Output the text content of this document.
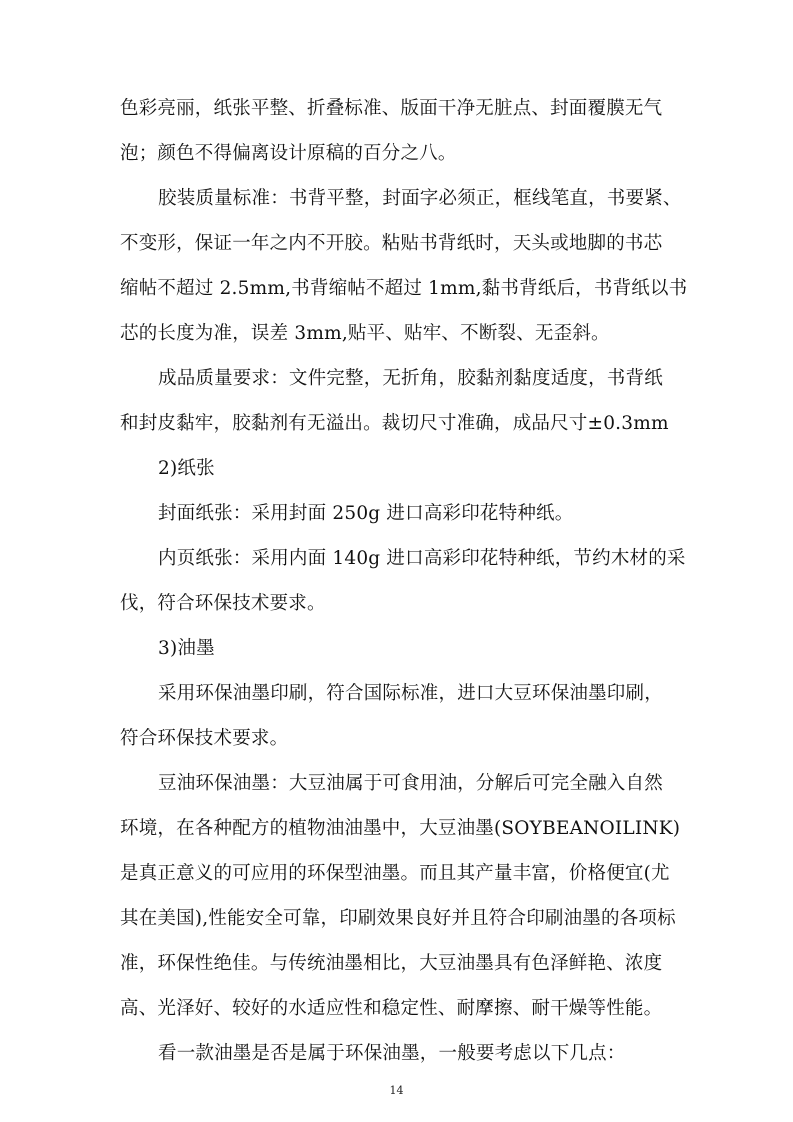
色彩亮丽，纸张平整、折叠标准、版面干净无脏点、封面覆膜无气
泡；颜色不得偏离设计原稿的百分之八。
胶装质量标准：书背平整，封面字必须正，框线笔直，书要紧、
不变形，保证一年之内不开胶。粘贴书背纸时，天头或地脚的书芯
缩帖不超过 2.5mm,书背缩帖不超过 1mm,黏书背纸后，书背纸以书
芯的长度为准，误差 3mm,贴平、贴牢、不断裂、无歪斜。
成品质量要求：文件完整，无折角，胶黏剂黏度适度，书背纸
和封皮黏牢，胶黏剂有无溢出。裁切尺寸准确，成品尺寸±0.3mm
2)纸张
封面纸张：采用封面 250g 进口高彩印花特种纸。
内页纸张：采用内面 140g 进口高彩印花特种纸，节约木材的采
伐，符合环保技术要求。
3)油墨
采用环保油墨印刷，符合国际标准，进口大豆环保油墨印刷，
符合环保技术要求。
豆油环保油墨：大豆油属于可食用油，分解后可完全融入自然
环境，在各种配方的植物油油墨中，大豆油墨(SOYBEANOILINK)
是真正意义的可应用的环保型油墨。而且其产量丰富，价格便宜(尤
其在美国),性能安全可靠，印刷效果良好并且符合印刷油墨的各项标
准，环保性绝佳。与传统油墨相比，大豆油墨具有色泽鲜艳、浓度
高、光泽好、较好的水适应性和稳定性、耐摩擦、耐干燥等性能。
看一款油墨是否是属于环保油墨，一般要考虑以下几点：
14
